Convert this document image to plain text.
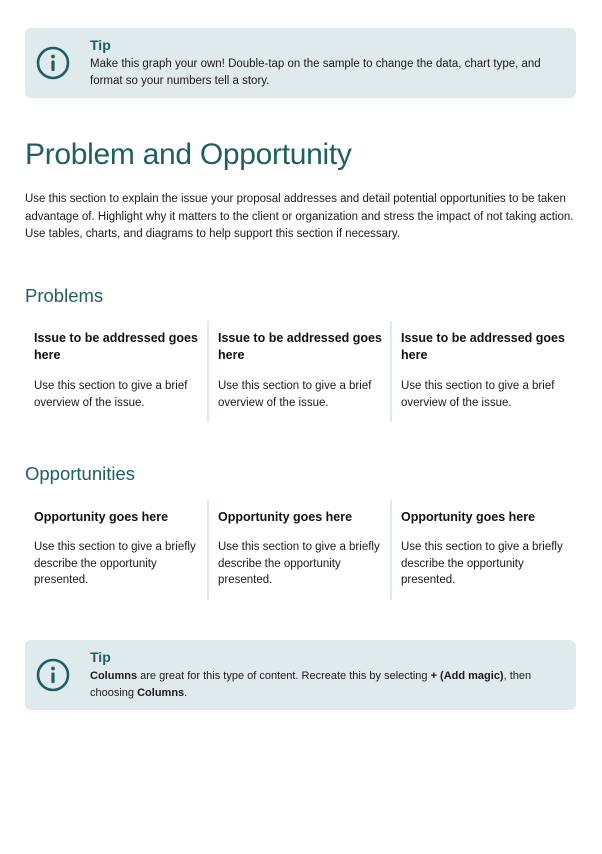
Tip
Make this graph your own! Double-tap on the sample to change the data, chart type, and format so your numbers tell a story.
Problem and Opportunity

Use this section to explain the issue your proposal addresses and detail potential opportunities to be taken advantage of. Highlight why it matters to the client or organization and stress the impact of not taking action. Use tables, charts, and diagrams to help support this section if necessary.

Problems

Issue to be addressed goes here

Use this section to give a brief overview of the issue.

Issue to be addressed goes here

Use this section to give a brief overview of the issue.

Issue to be addressed goes here

Use this section to give a brief overview of the issue.

Opportunities

Opportunity goes here

Use this section to give a briefly describe the opportunity presented.

Opportunity goes here

Use this section to give a briefly describe the opportunity presented.

Opportunity goes here

Use this section to give a briefly describe the opportunity presented.

Tip
Columns are great for this type of content. Recreate this by selecting + (Add magic), then choosing Columns.
